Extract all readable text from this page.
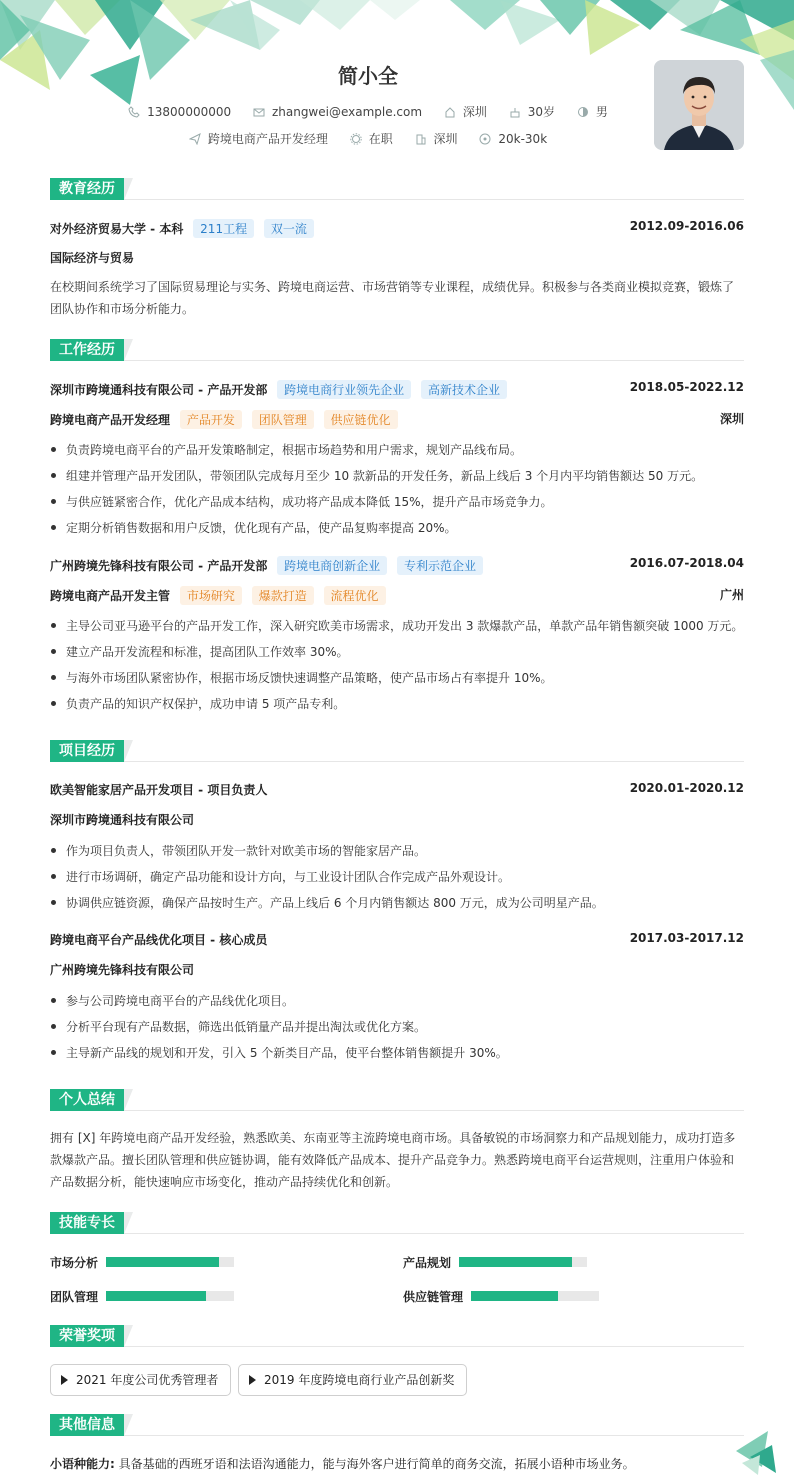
简小全
13800000000
	zhangwei@example.com
	深圳
	30岁
	男
跨境电商产品开发经理
	在职
	深圳
	20k-30k
教育经历
对外经济贸易大学 - 本科 211工程 双一流	2012.09-2016.06
国际经济与贸易
在校期间系统学习了国际贸易理论与实务、跨境电商运营、市场营销等专业课程，成绩优异。积极参与各类商业模拟竞赛，锻炼了
团队协作和市场分析能力。
工作经历
深圳市跨境通科技有限公司 - 产品开发部 跨境电商行业领先企业 高新技术企业	2018.05-2022.12
跨境电商产品开发经理 产品开发 团队管理 供应链优化	深圳
负责跨境电商平台的产品开发策略制定，根据市场趋势和用户需求，规划产品线布局。
组建并管理产品开发团队，带领团队完成每月至少 10 款新品的开发任务，新品上线后 3 个月内平均销售额达 50 万元。
与供应链紧密合作，优化产品成本结构，成功将产品成本降低 15%，提升产品市场竞争力。
定期分析销售数据和用户反馈，优化现有产品，使产品复购率提高 20%。
广州跨境先锋科技有限公司 - 产品开发部 跨境电商创新企业 专利示范企业	2016.07-2018.04
跨境电商产品开发主管 市场研究 爆款打造 流程优化	广州
主导公司亚马逊平台的产品开发工作，深入研究欧美市场需求，成功开发出 3 款爆款产品，单款产品年销售额突破 1000 万元。
建立产品开发流程和标准，提高团队工作效率 30%。
与海外市场团队紧密协作，根据市场反馈快速调整产品策略，使产品市场占有率提升 10%。
负责产品的知识产权保护，成功申请 5 项产品专利。
项目经历
欧美智能家居产品开发项目 - 项目负责人	2020.01-2020.12
深圳市跨境通科技有限公司
作为项目负责人，带领团队开发一款针对欧美市场的智能家居产品。
进行市场调研，确定产品功能和设计方向，与工业设计团队合作完成产品外观设计。
协调供应链资源，确保产品按时生产。产品上线后 6 个月内销售额达 800 万元，成为公司明星产品。
跨境电商平台产品线优化项目 - 核心成员	2017.03-2017.12
广州跨境先锋科技有限公司
参与公司跨境电商平台的产品线优化项目。
分析平台现有产品数据，筛选出低销量产品并提出淘汰或优化方案。
主导新产品线的规划和开发，引入 5 个新类目产品，使平台整体销售额提升 30%。
个人总结
拥有 [X] 年跨境电商产品开发经验，熟悉欧美、东南亚等主流跨境电商市场。具备敏锐的市场洞察力和产品规划能力，成功打造多
款爆款产品。擅长团队管理和供应链协调，能有效降低产品成本、提升产品竞争力。熟悉跨境电商平台运营规则，注重用户体验和
产品数据分析，能快速响应市场变化，推动产品持续优化和创新。
技能专长
市场分析	产品规划
团队管理	供应链管理
荣誉奖项
2021 年度公司优秀管理者	2019 年度跨境电商行业产品创新奖
其他信息
小语种能力: 具备基础的西班牙语和法语沟通能力，能与海外客户进行简单的商务交流，拓展小语种市场业务。
